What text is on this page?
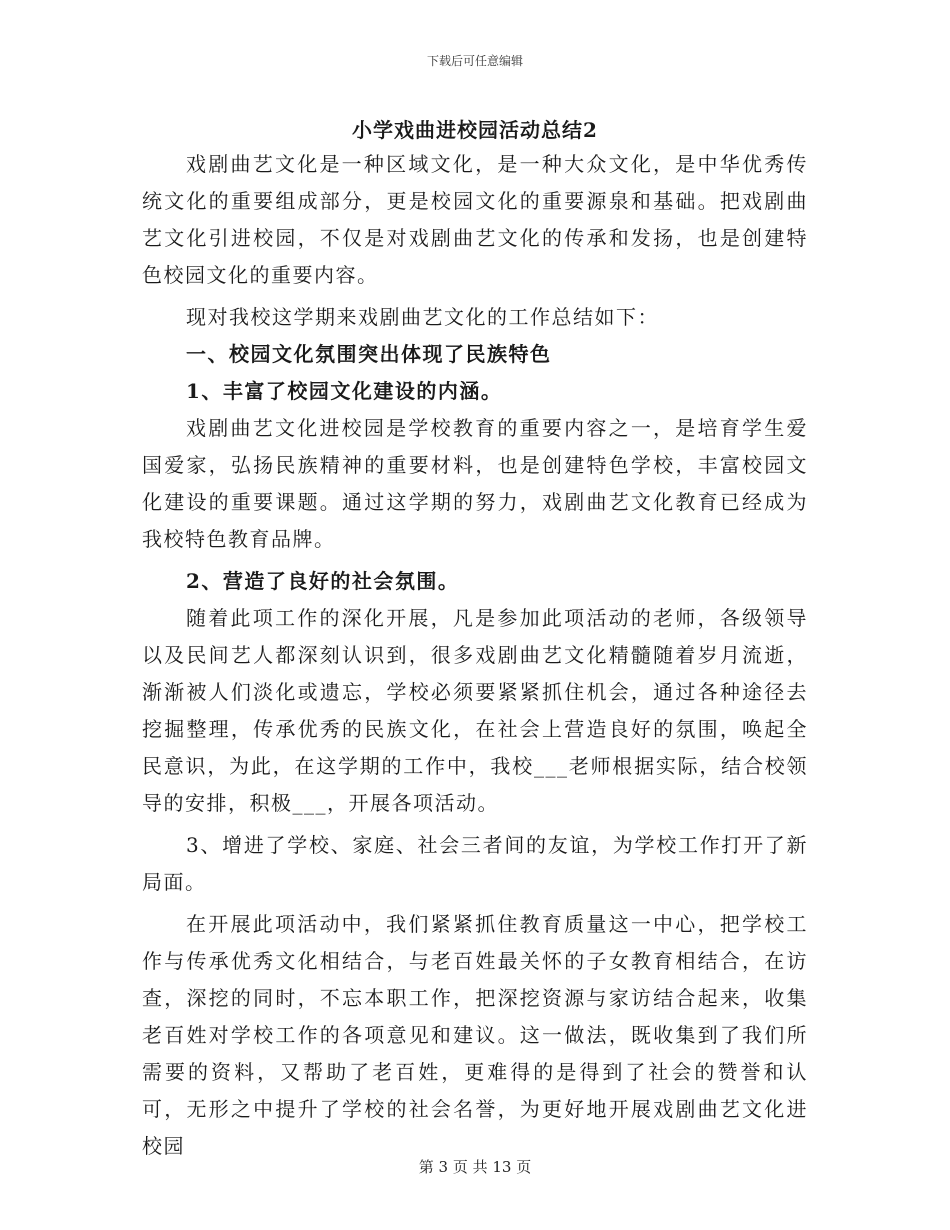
下载后可任意编辑
小学戏曲进校园活动总结2

戏剧曲艺文化是一种区域文化，是一种大众文化，是中华优秀传统文化的重要组成部分，更是校园文化的重要源泉和基础。把戏剧曲艺文化引进校园，不仅是对戏剧曲艺文化的传承和发扬，也是创建特色校园文化的重要内容。

现对我校这学期来戏剧曲艺文化的工作总结如下：

一、校园文化氛围突出体现了民族特色

1、丰富了校园文化建设的内涵。

戏剧曲艺文化进校园是学校教育的重要内容之一，是培育学生爱国爱家，弘扬民族精神的重要材料，也是创建特色学校，丰富校园文化建设的重要课题。通过这学期的努力，戏剧曲艺文化教育已经成为我校特色教育品牌。

2、营造了良好的社会氛围。

随着此项工作的深化开展，凡是参加此项活动的老师，各级领导以及民间艺人都深刻认识到，很多戏剧曲艺文化精髓随着岁月流逝，渐渐被人们淡化或遗忘，学校必须要紧紧抓住机会，通过各种途径去挖掘整理，传承优秀的民族文化，在社会上营造良好的氛围，唤起全民意识，为此，在这学期的工作中，我校___老师根据实际，结合校领导的安排，积极___，开展各项活动。

3、增进了学校、家庭、社会三者间的友谊，为学校工作打开了新局面。

在开展此项活动中，我们紧紧抓住教育质量这一中心，把学校工作与传承优秀文化相结合，与老百姓最关怀的子女教育相结合，在访查，深挖的同时，不忘本职工作，把深挖资源与家访结合起来，收集老百姓对学校工作的各项意见和建议。这一做法，既收集到了我们所需要的资料，又帮助了老百姓，更难得的是得到了社会的赞誉和认可，无形之中提升了学校的社会名誉，为更好地开展戏剧曲艺文化进校园

第 3 页 共 13 页
